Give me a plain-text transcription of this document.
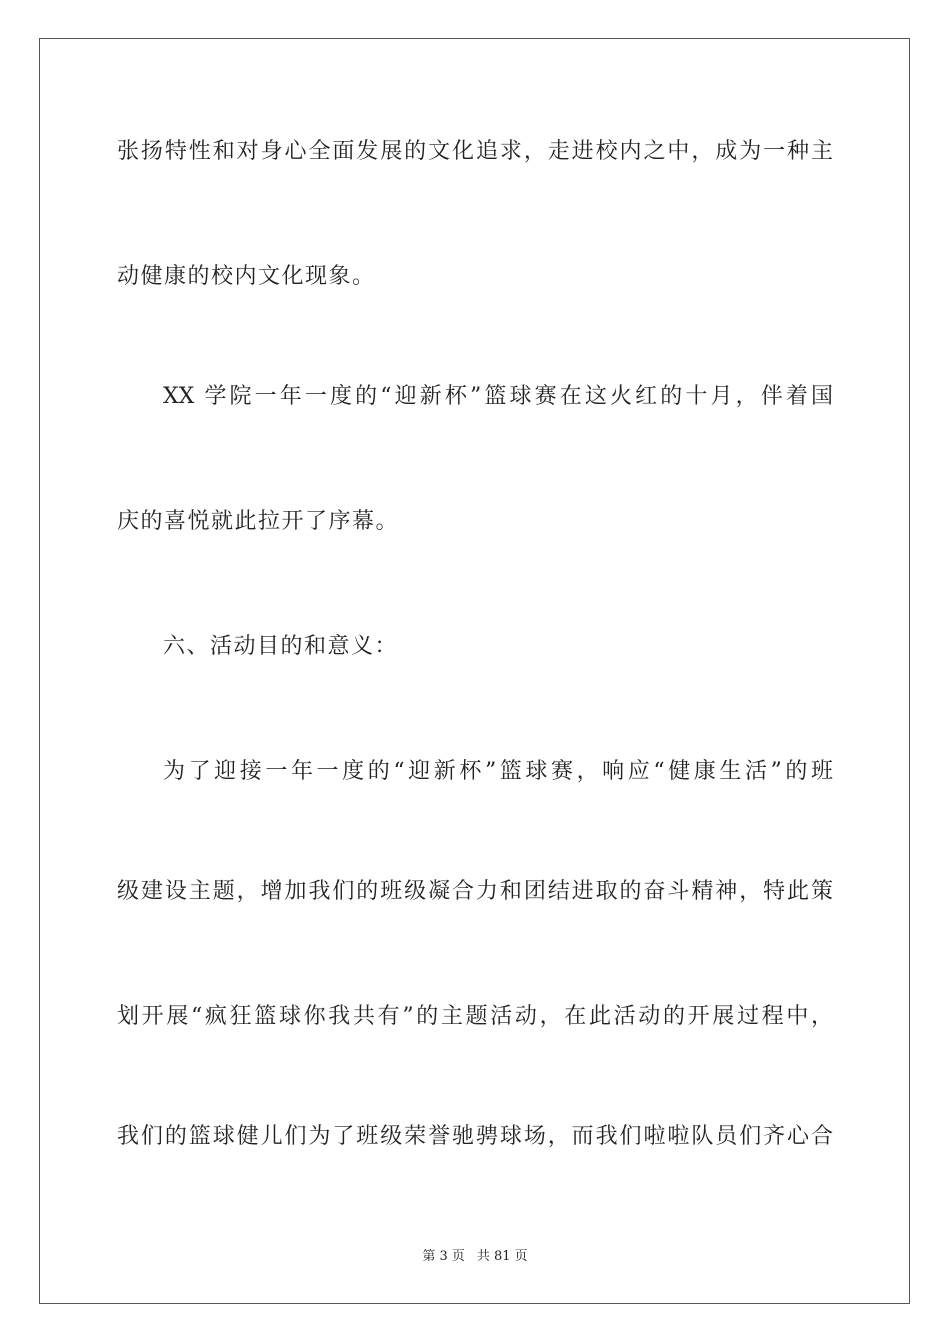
张扬特性和对身心全面发展的文化追求，走进校内之中，成为一种主
动健康的校内文化现象。
XX 学院一年一度的“迎新杯”篮球赛在这火红的十月，伴着国
庆的喜悦就此拉开了序幕。
六、活动目的和意义：
为了迎接一年一度的“迎新杯”篮球赛，响应“健康生活”的班
级建设主题，增加我们的班级凝合力和团结进取的奋斗精神，特此策
划开展“疯狂篮球你我共有”的主题活动，在此活动的开展过程中，
我们的篮球健儿们为了班级荣誉驰骋球场，而我们啦啦队员们齐心合
第 3 页 共 81 页
